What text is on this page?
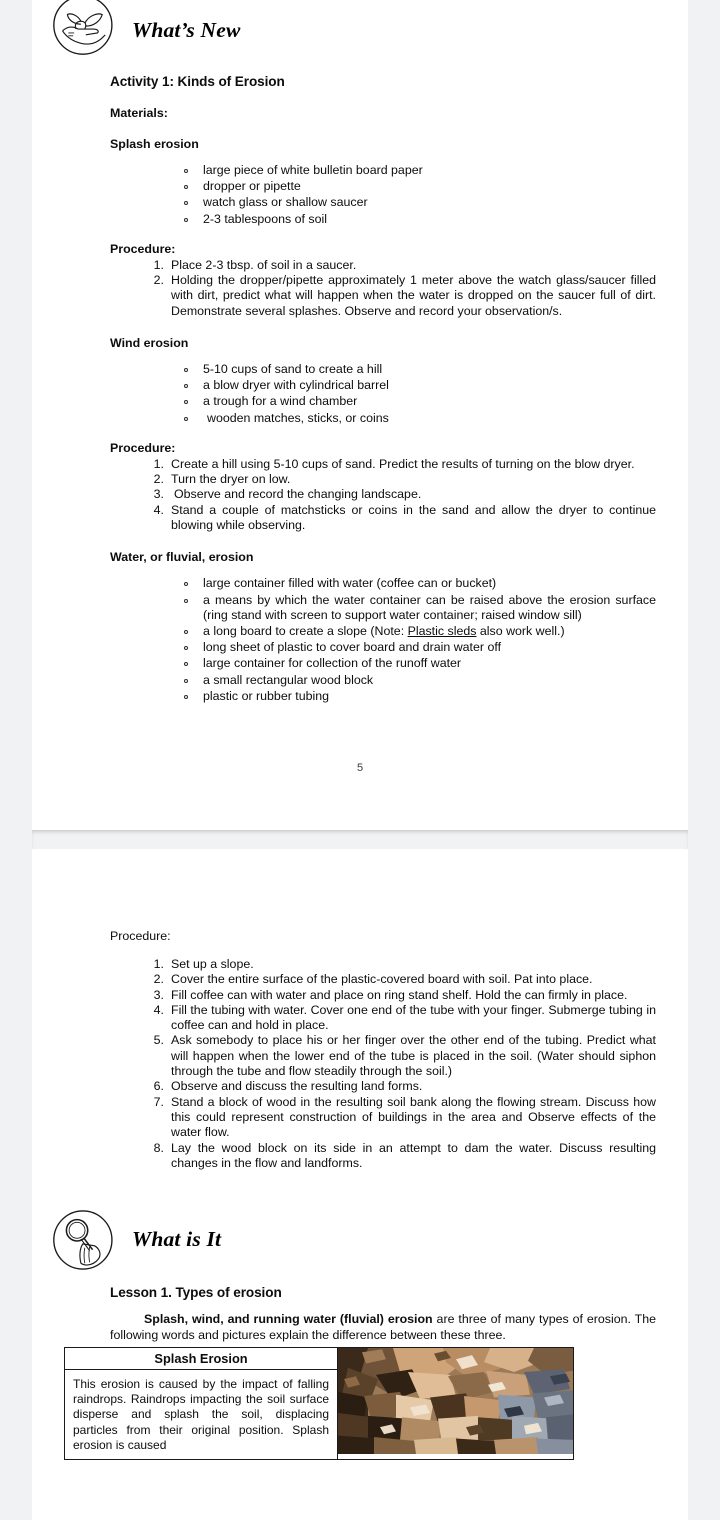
What’s New
Activity 1: Kinds of Erosion

Materials:

Splash erosion

large piece of white bulletin board paper
dropper or pipette
watch glass or shallow saucer
2-3 tablespoons of soil

Procedure:

Place 2-3 tbsp. of soil in a saucer.
Holding the dropper/pipette approximately 1 meter above the watch glass/saucer filled with dirt, predict what will happen when the water is dropped on the saucer full of dirt. Demonstrate several splashes. Observe and record your observation/s.

Wind erosion

5-10 cups of sand to create a hill
a blow dryer with cylindrical barrel
a trough for a wind chamber
wooden matches, sticks, or coins

Procedure:

Create a hill using 5-10 cups of sand. Predict the results of turning on the blow dryer.
Turn the dryer on low.
Observe and record the changing landscape.
Stand a couple of matchsticks or coins in the sand and allow the dryer to continue blowing while observing.

Water, or fluvial, erosion

large container filled with water (coffee can or bucket)
a means by which the water container can be raised above the erosion surface (ring stand with screen to support water container; raised window sill)
a long board to create a slope (Note: Plastic sleds also work well.)
long sheet of plastic to cover board and drain water off
large container for collection of the runoff water
a small rectangular wood block
plastic or rubber tubing
5

Procedure:

Set up a slope.
Cover the entire surface of the plastic-covered board with soil. Pat into place.
Fill coffee can with water and place on ring stand shelf. Hold the can firmly in place.
Fill the tubing with water. Cover one end of the tube with your finger. Submerge tubing in coffee can and hold in place.
Ask somebody to place his or her finger over the other end of the tubing. Predict what will happen when the lower end of the tube is placed in the soil. (Water should siphon through the tube and flow steadily through the soil.)
Observe and discuss the resulting land forms.
Stand a block of wood in the resulting soil bank along the flowing stream. Discuss how this could represent construction of buildings in the area and Observe effects of the water flow.
Lay the wood block on its side in an attempt to dam the water. Discuss resulting changes in the flow and landforms.
What is It
Lesson 1. Types of erosion

Splash, wind, and running water (fluvial) erosion are three of many types of erosion. The following words and pictures explain the difference between these three.

Splash Erosion	

This erosion is caused by the impact of falling raindrops. Raindrops impacting the soil surface disperse and splash the soil, displacing particles from their original position. Splash erosion is caused
